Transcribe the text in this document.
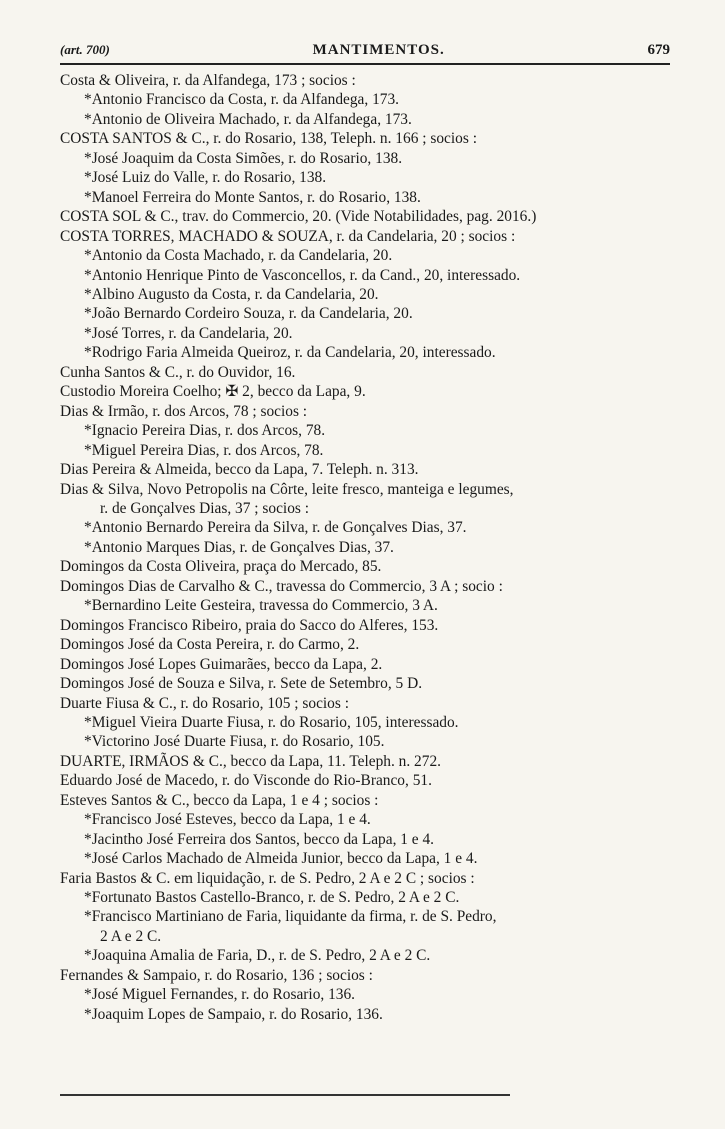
(art. 700)	MANTIMENTOS.	679
Costa & Oliveira, r. da Alfandega, 173 ; socios :
*Antonio Francisco da Costa, r. da Alfandega, 173.
*Antonio de Oliveira Machado, r. da Alfandega, 173.
COSTA SANTOS & C., r. do Rosario, 138, Teleph. n. 166 ; socios :
*José Joaquim da Costa Simões, r. do Rosario, 138.
*José Luiz do Valle, r. do Rosario, 138.
*Manoel Ferreira do Monte Santos, r. do Rosario, 138.
COSTA SOL & C., trav. do Commercio, 20. (Vide Notabilidades, pag. 2016.)
COSTA TORRES, MACHADO & SOUZA, r. da Candelaria, 20 ; socios :
*Antonio da Costa Machado, r. da Candelaria, 20.
*Antonio Henrique Pinto de Vasconcellos, r. da Cand., 20, interessado.
*Albino Augusto da Costa, r. da Candelaria, 20.
*João Bernardo Cordeiro Souza, r. da Candelaria, 20.
*José Torres, r. da Candelaria, 20.
*Rodrigo Faria Almeida Queiroz, r. da Candelaria, 20, interessado.
Cunha Santos & C., r. do Ouvidor, 16.
Custodio Moreira Coelho; ✠ 2, becco da Lapa, 9.
Dias & Irmão, r. dos Arcos, 78 ; socios :
*Ignacio Pereira Dias, r. dos Arcos, 78.
*Miguel Pereira Dias, r. dos Arcos, 78.
Dias Pereira & Almeida, becco da Lapa, 7. Teleph. n. 313.
Dias & Silva, Novo Petropolis na Côrte, leite fresco, manteiga e legumes,
r. de Gonçalves Dias, 37 ; socios :
*Antonio Bernardo Pereira da Silva, r. de Gonçalves Dias, 37.
*Antonio Marques Dias, r. de Gonçalves Dias, 37.
Domingos da Costa Oliveira, praça do Mercado, 85.
Domingos Dias de Carvalho & C., travessa do Commercio, 3 A ; socio :
*Bernardino Leite Gesteira, travessa do Commercio, 3 A.
Domingos Francisco Ribeiro, praia do Sacco do Alferes, 153.
Domingos José da Costa Pereira, r. do Carmo, 2.
Domingos José Lopes Guimarães, becco da Lapa, 2.
Domingos José de Souza e Silva, r. Sete de Setembro, 5 D.
Duarte Fiusa & C., r. do Rosario, 105 ; socios :
*Miguel Vieira Duarte Fiusa, r. do Rosario, 105, interessado.
*Victorino José Duarte Fiusa, r. do Rosario, 105.
DUARTE, IRMÃOS & C., becco da Lapa, 11. Teleph. n. 272.
Eduardo José de Macedo, r. do Visconde do Rio-Branco, 51.
Esteves Santos & C., becco da Lapa, 1 e 4 ; socios :
*Francisco José Esteves, becco da Lapa, 1 e 4.
*Jacintho José Ferreira dos Santos, becco da Lapa, 1 e 4.
*José Carlos Machado de Almeida Junior, becco da Lapa, 1 e 4.
Faria Bastos & C. em liquidação, r. de S. Pedro, 2 A e 2 C ; socios :
*Fortunato Bastos Castello-Branco, r. de S. Pedro, 2 A e 2 C.
*Francisco Martiniano de Faria, liquidante da firma, r. de S. Pedro,
2 A e 2 C.
*Joaquina Amalia de Faria, D., r. de S. Pedro, 2 A e 2 C.
Fernandes & Sampaio, r. do Rosario, 136 ; socios :
*José Miguel Fernandes, r. do Rosario, 136.
*Joaquim Lopes de Sampaio, r. do Rosario, 136.
